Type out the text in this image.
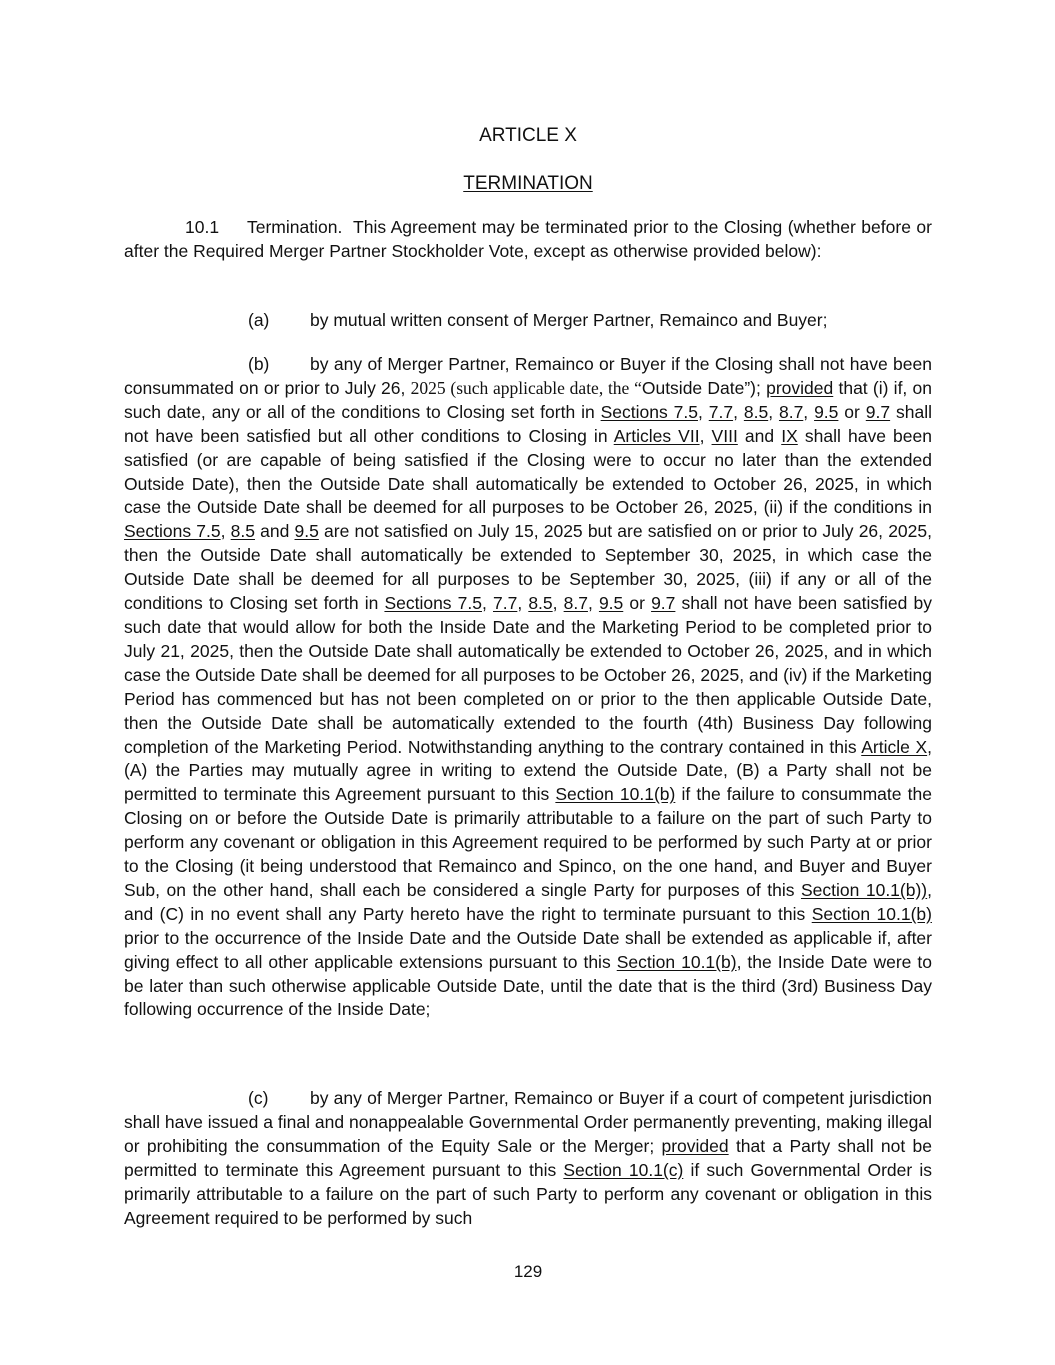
ARTICLE X
TERMINATION

10.1 Termination. This Agreement may be terminated prior to the Closing (whether before or after the Required Merger Partner Stockholder Vote, except as otherwise provided below):

(a) by mutual written consent of Merger Partner, Remainco and Buyer;

(b) by any of Merger Partner, Remainco or Buyer if the Closing shall not have been consummated on or prior to July 26, 2025 (such applicable date, the “Outside Date”); provided that (i) if, on such date, any or all of the conditions to Closing set forth in Sections 7.5, 7.7, 8.5, 8.7, 9.5 or 9.7 shall not have been satisfied but all other conditions to Closing in Articles VII, VIII and IX shall have been satisfied (or are capable of being satisfied if the Closing were to occur no later than the extended Outside Date), then the Outside Date shall automatically be extended to October 26, 2025, in which case the Outside Date shall be deemed for all purposes to be October 26, 2025, (ii) if the conditions in Sections 7.5, 8.5 and 9.5 are not satisfied on July 15, 2025 but are satisfied on or prior to July 26, 2025, then the Outside Date shall automatically be extended to September 30, 2025, in which case the Outside Date shall be deemed for all purposes to be September 30, 2025, (iii) if any or all of the conditions to Closing set forth in Sections 7.5, 7.7, 8.5, 8.7, 9.5 or 9.7 shall not have been satisfied by such date that would allow for both the Inside Date and the Marketing Period to be completed prior to July 21, 2025, then the Outside Date shall automatically be extended to October 26, 2025, and in which case the Outside Date shall be deemed for all purposes to be October 26, 2025, and (iv) if the Marketing Period has commenced but has not been completed on or prior to the then applicable Outside Date, then the Outside Date shall be automatically extended to the fourth (4th) Business Day following completion of the Marketing Period. Notwithstanding anything to the contrary contained in this Article X, (A) the Parties may mutually agree in writing to extend the Outside Date, (B) a Party shall not be permitted to terminate this Agreement pursuant to this Section 10.1(b) if the failure to consummate the Closing on or before the Outside Date is primarily attributable to a failure on the part of such Party to perform any covenant or obligation in this Agreement required to be performed by such Party at or prior to the Closing (it being understood that Remainco and Spinco, on the one hand, and Buyer and Buyer Sub, on the other hand, shall each be considered a single Party for purposes of this Section 10.1(b)), and (C) in no event shall any Party hereto have the right to terminate pursuant to this Section 10.1(b) prior to the occurrence of the Inside Date and the Outside Date shall be extended as applicable if, after giving effect to all other applicable extensions pursuant to this Section 10.1(b), the Inside Date were to be later than such otherwise applicable Outside Date, until the date that is the third (3rd) Business Day following occurrence of the Inside Date;

(c) by any of Merger Partner, Remainco or Buyer if a court of competent jurisdiction shall have issued a final and nonappealable Governmental Order permanently preventing, making illegal or prohibiting the consummation of the Equity Sale or the Merger; provided that a Party shall not be permitted to terminate this Agreement pursuant to this Section 10.1(c) if such Governmental Order is primarily attributable to a failure on the part of such Party to perform any covenant or obligation in this Agreement required to be performed by such

129
